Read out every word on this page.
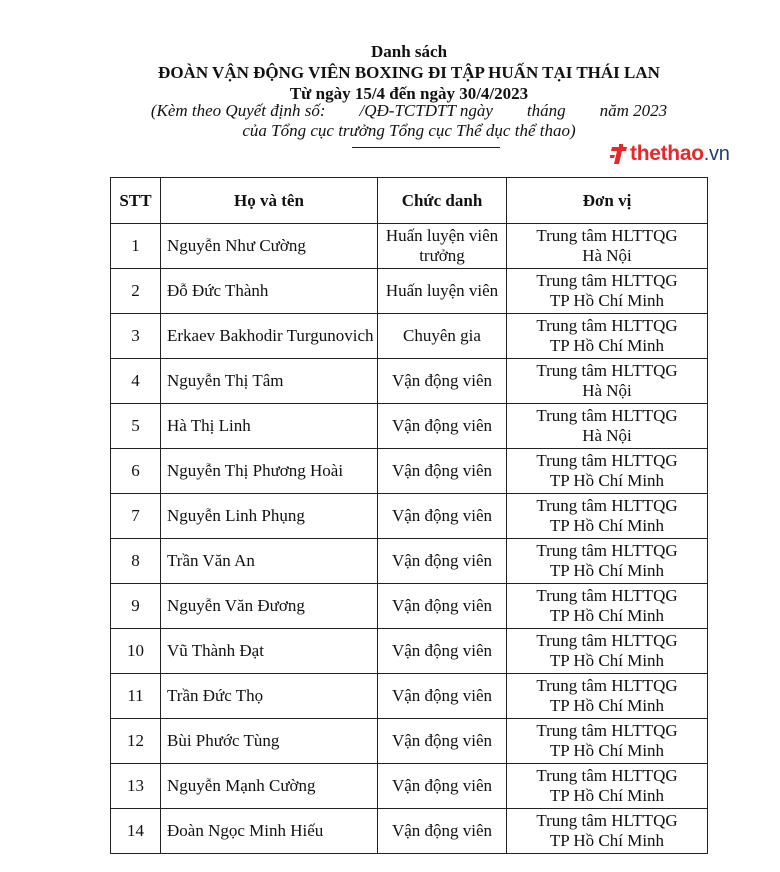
Danh sách
ĐOÀN VẬN ĐỘNG VIÊN BOXING ĐI TẬP HUẤN TẠI THÁI LAN
Từ ngày 15/4 đến ngày 30/4/2023
(Kèm theo Quyết định số:        /QĐ-TCTDTT ngày        tháng        năm 2023
của Tổng cục trưởng Tổng cục Thể dục thể thao)
thethao .vn
STT	Họ và tên	Chức danh	Đơn vị
1	Nguyễn Như Cường	Huấn luyện viên trưởng	Trung tâm HLTTQG
Hà Nội

2	Đỗ Đức Thành	Huấn luyện viên	Trung tâm HLTTQG
TP Hồ Chí Minh

3	Erkaev Bakhodir Turgunovich	Chuyên gia	Trung tâm HLTTQG
TP Hồ Chí Minh

4	Nguyễn Thị Tâm	Vận động viên	Trung tâm HLTTQG
Hà Nội

5	Hà Thị Linh	Vận động viên	Trung tâm HLTTQG
Hà Nội

6	Nguyễn Thị Phương Hoài	Vận động viên	Trung tâm HLTTQG
TP Hồ Chí Minh

7	Nguyễn Linh Phụng	Vận động viên	Trung tâm HLTTQG
TP Hồ Chí Minh

8	Trần Văn An	Vận động viên	Trung tâm HLTTQG
TP Hồ Chí Minh

9	Nguyễn Văn Đương	Vận động viên	Trung tâm HLTTQG
TP Hồ Chí Minh

10	Vũ Thành Đạt	Vận động viên	Trung tâm HLTTQG
TP Hồ Chí Minh

11	Trần Đức Thọ	Vận động viên	Trung tâm HLTTQG
TP Hồ Chí Minh

12	Bùi Phước Tùng	Vận động viên	Trung tâm HLTTQG
TP Hồ Chí Minh

13	Nguyễn Mạnh Cường	Vận động viên	Trung tâm HLTTQG
TP Hồ Chí Minh

14	Đoàn Ngọc Minh Hiếu	Vận động viên	Trung tâm HLTTQG
TP Hồ Chí Minh
